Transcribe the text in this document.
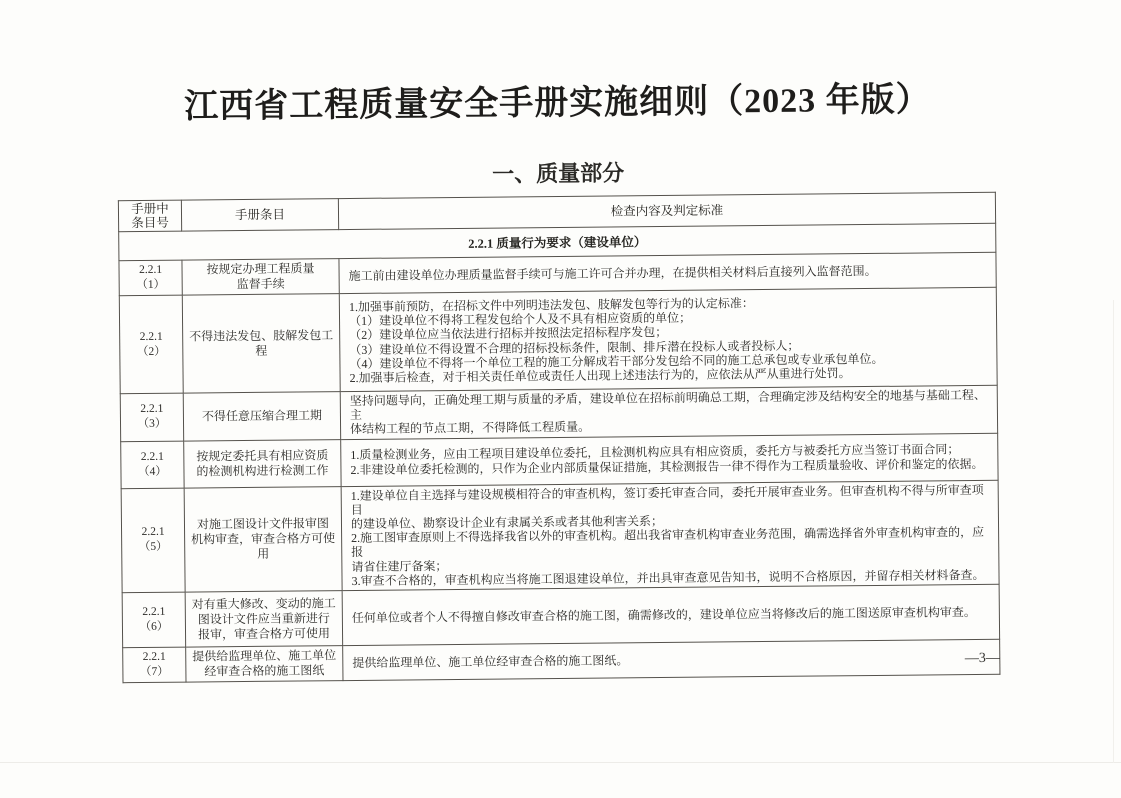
江西省工程质量安全手册实施细则（2023 年版）
一、质量部分
手册中
条目号	手册条目	检查内容及判定标准
2.2.1 质量行为要求（建设单位）		
2.2.1
（1）	按规定办理工程质量
监督手续	施工前由建设单位办理质量监督手续可与施工许可合并办理，在提供相关材料后直接列入监督范围。
2.2.1
（2）	不得违法发包、肢解发包工
程	1.加强事前预防，在招标文件中列明违法发包、肢解发包等行为的认定标准：
（1）建设单位不得将工程发包给个人及不具有相应资质的单位；
（2）建设单位应当依法进行招标并按照法定招标程序发包；
（3）建设单位不得设置不合理的招标投标条件，限制、排斥潜在投标人或者投标人；
（4）建设单位不得将一个单位工程的施工分解成若干部分发包给不同的施工总承包或专业承包单位。
2.加强事后检查，对于相关责任单位或责任人出现上述违法行为的，应依法从严从重进行处罚。
2.2.1
（3）	不得任意压缩合理工期	坚持问题导向，正确处理工期与质量的矛盾，建设单位在招标前明确总工期，合理确定涉及结构安全的地基与基础工程、主
体结构工程的节点工期，不得降低工程质量。
2.2.1
（4）	按规定委托具有相应资质
的检测机构进行检测工作	1.质量检测业务，应由工程项目建设单位委托，且检测机构应具有相应资质，委托方与被委托方应当签订书面合同；
2.非建设单位委托检测的，只作为企业内部质量保证措施，其检测报告一律不得作为工程质量验收、评价和鉴定的依据。
2.2.1
（5）	对施工图设计文件报审图
机构审查，审查合格方可使
用	1.建设单位自主选择与建设规模相符合的审查机构，签订委托审查合同，委托开展审查业务。但审查机构不得与所审查项目
的建设单位、勘察设计企业有隶属关系或者其他利害关系；
2.施工图审查原则上不得选择我省以外的审查机构。超出我省审查机构审查业务范围，确需选择省外审查机构审查的，应报
请省住建厅备案；
3.审查不合格的，审查机构应当将施工图退建设单位，并出具审查意见告知书，说明不合格原因，并留存相关材料备查。
2.2.1
（6）	对有重大修改、变动的施工
图设计文件应当重新进行
报审，审查合格方可使用	任何单位或者个人不得擅自修改审查合格的施工图，确需修改的，建设单位应当将修改后的施工图送原审查机构审查。
2.2.1
（7）	提供给监理单位、施工单位
经审查合格的施工图纸	提供给监理单位、施工单位经审查合格的施工图纸。	—3—
